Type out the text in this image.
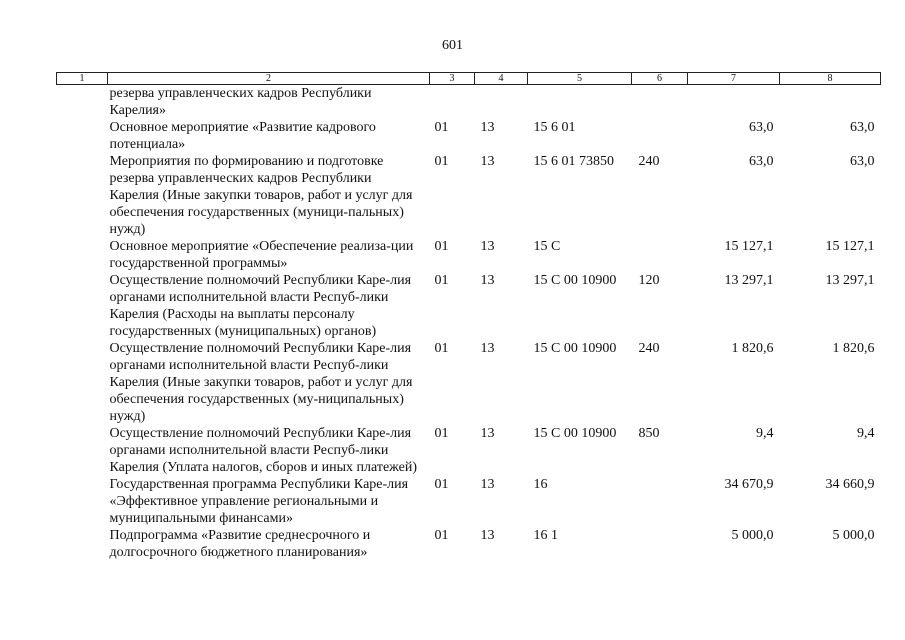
601
1	2	3	4	5	6	7	8
	резерва управленческих кадров Республики Карелия»						
	Основное мероприятие «Развитие кадрового потенциала»	01	13	15 6 01		63,0	63,0
	Мероприятия по формированию и подготовке резерва управленческих кадров Республики Карелия (Иные закупки товаров, работ и услуг для обеспечения государственных (муници-пальных) нужд)	01	13	15 6 01 73850	240	63,0	63,0
	Основное мероприятие «Обеспечение реализа-ции государственной программы»	01	13	15 С		15 127,1	15 127,1
	Осуществление полномочий Республики Каре-лия органами исполнительной власти Респуб-лики Карелия (Расходы на выплаты персоналу государственных (муниципальных) органов)	01	13	15 С 00 10900	120	13 297,1	13 297,1
	Осуществление полномочий Республики Каре-лия органами исполнительной власти Респуб-лики Карелия (Иные закупки товаров, работ и услуг для обеспечения государственных (му-ниципальных) нужд)	01	13	15 С 00 10900	240	1 820,6	1 820,6
	Осуществление полномочий Республики Каре-лия органами исполнительной власти Респуб-лики Карелия (Уплата налогов, сборов и иных платежей)	01	13	15 С 00 10900	850	9,4	9,4
	Государственная программа Республики Каре-лия «Эффективное управление региональными и муниципальными финансами»	01	13	16		34 670,9	34 660,9
	Подпрограмма «Развитие среднесрочного и долгосрочного бюджетного планирования»	01	13	16 1		5 000,0	5 000,0
